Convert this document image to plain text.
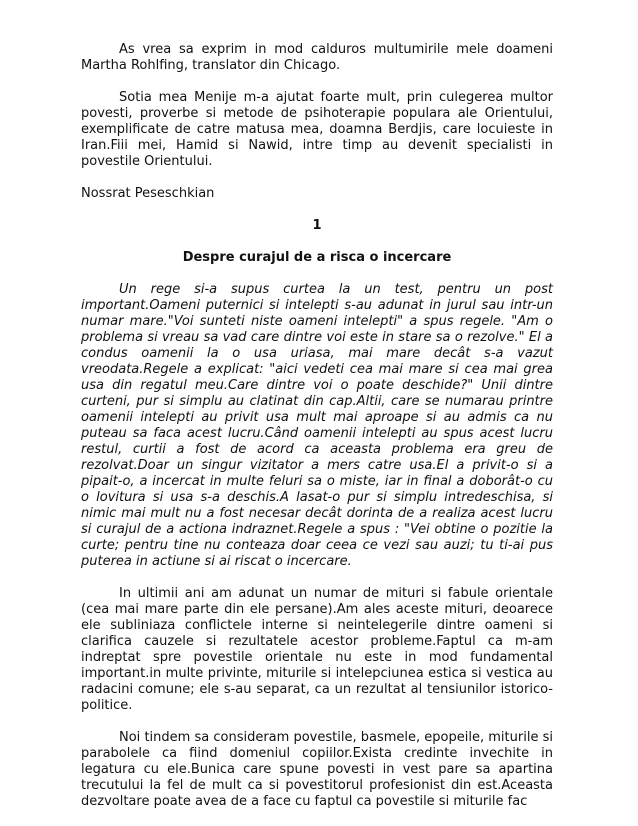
As vrea sa exprim in mod calduros multumirile mele doameni Martha Rohlfing, translator din Chicago.

Sotia mea Menije m-a ajutat foarte mult, prin culegerea multor povesti, proverbe si metode de psihoterapie populara ale Orientului, exemplificate de catre matusa mea, doamna Berdjis, care locuieste in Iran.Fiii mei, Hamid si Nawid, intre timp au devenit specialisti in povestile Orientului.

Nossrat Peseschkian

1
Despre curajul de a risca o incercare

Un rege si-a supus curtea la un test, pentru un post important.Oameni puternici si intelepti s-au adunat in jurul sau intr-un numar mare."Voi sunteti niste oameni intelepti" a spus regele. "Am o problema si vreau sa vad care dintre voi este in stare sa o rezolve." El a condus oamenii la o usa uriasa, mai mare decât s-a vazut vreodata.Regele a explicat: "aici vedeti cea mai mare si cea mai grea usa din regatul meu.Care dintre voi o poate deschide?" Unii dintre curteni, pur si simplu au clatinat din cap.Altii, care se numarau printre oamenii intelepti au privit usa mult mai aproape si au admis ca nu puteau sa faca acest lucru.Când oamenii intelepti au spus acest lucru restul, curtii a fost de acord ca aceasta problema era greu de rezolvat.Doar un singur vizitator a mers catre usa.El a privit-o si a pipait-o, a incercat in multe feluri sa o miste, iar in final a doborât-o cu o lovitura si usa s-a deschis.A lasat-o pur si simplu intredeschisa, si nimic mai mult nu a fost necesar decât dorinta de a realiza acest lucru si curajul de a actiona indraznet.Regele a spus : "Vei obtine o pozitie la curte; pentru tine nu conteaza doar ceea ce vezi sau auzi; tu ti-ai pus puterea in actiune si ai riscat o incercare.

In ultimii ani am adunat un numar de mituri si fabule orientale (cea mai mare parte din ele persane).Am ales aceste mituri, deoarece ele subliniaza conflictele interne si neintelegerile dintre oameni si clarifica cauzele si rezultatele acestor probleme.Faptul ca m-am indreptat spre povestile orientale nu este in mod fundamental important.in multe privinte, miturile si intelepciunea estica si vestica au radacini comune; ele s-au separat, ca un rezultat al tensiunilor istorico-politice.

Noi tindem sa consideram povestile, basmele, epopeile, miturile si parabolele ca fiind domeniul copiilor.Exista credinte invechite in legatura cu ele.Bunica care spune povesti in vest pare sa apartina trecutului la fel de mult ca si povestitorul profesionist din est.Aceasta dezvoltare poate avea de a face cu faptul ca povestile si miturile fac
